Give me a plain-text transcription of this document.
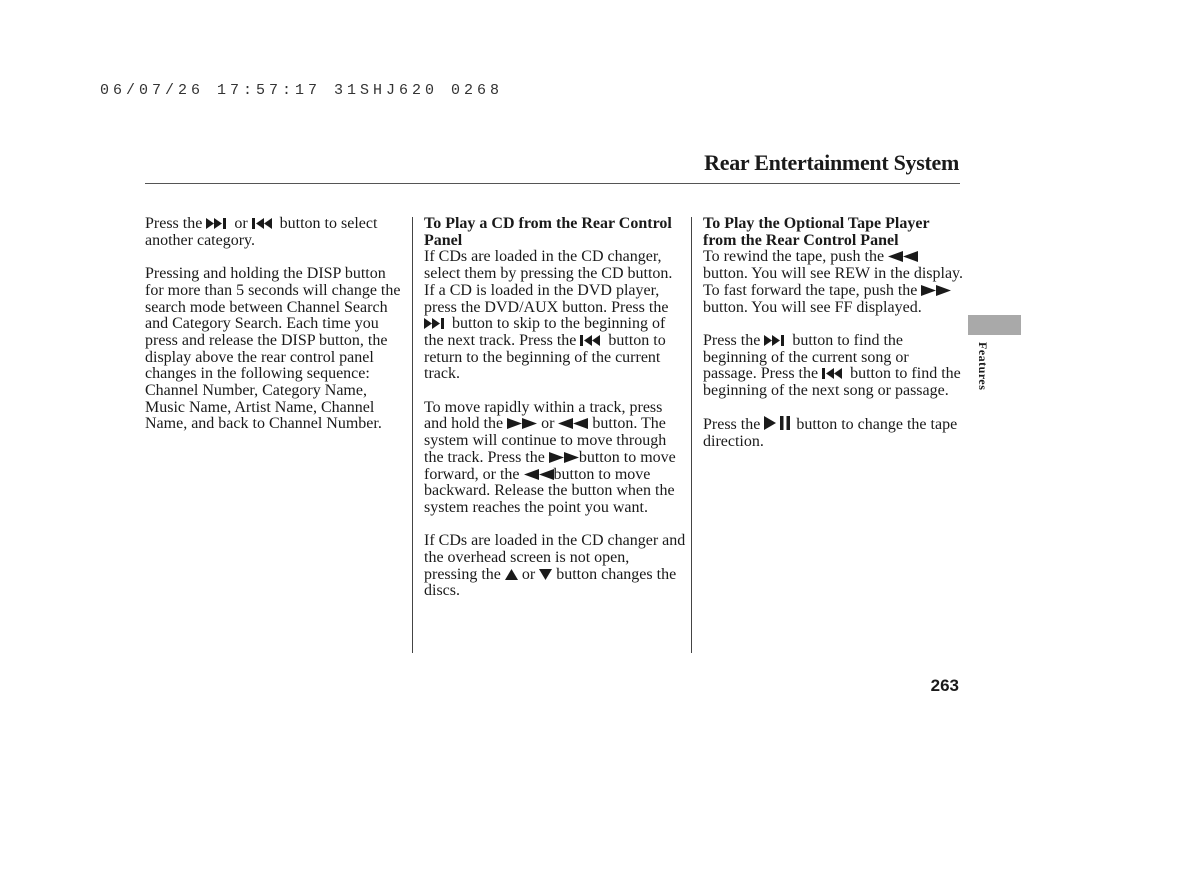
06/07/26 17:57:17 31SHJ620 0268
Rear Entertainment System

Press the or button to select another category.

Pressing and holding the DISP button for more than 5 seconds will change the search mode between Channel Search and Category Search. Each time you press and release the DISP button, the display above the rear control panel changes in the following sequence: Channel Number, Category Name, Music Name, Artist Name, Channel Name, and back to Channel Number.

To Play a CD from the Rear Control Panel

If CDs are loaded in the CD changer, select them by pressing the CD button. If a CD is loaded in the DVD player, press the DVD/AUX button. Press the
button to skip to the beginning of the next track. Press the button to return to the beginning of the current track.

To move rapidly within a track, press and hold the or button. The system will continue to move through the track. Press the button to move forward, or the button to move backward. Release the button when the system reaches the point you want.

If CDs are loaded in the CD changer and the overhead screen is not open, pressing the or button changes the discs.

To Play the Optional Tape Player from the Rear Control Panel

To rewind the tape, push the
button. You will see REW in the display. To fast forward the tape, push the
button. You will see FF displayed.

Press the button to find the beginning of the current song or passage. Press the button to find the beginning of the next song or passage.

Press the button to change the tape direction.

Features
263
